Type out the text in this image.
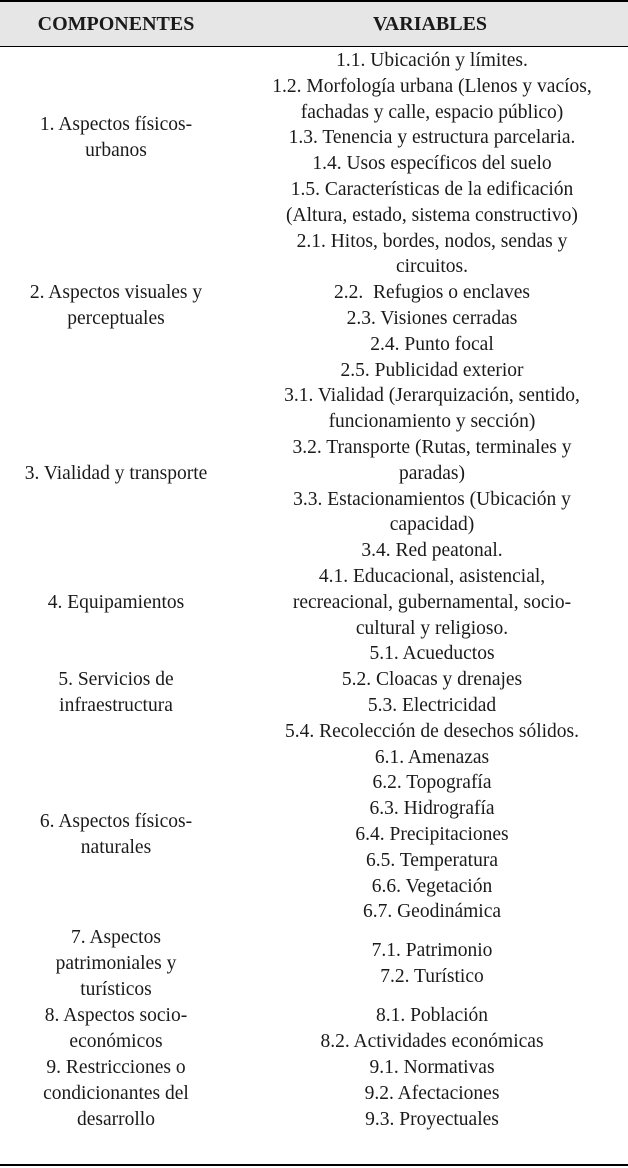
COMPONENTES	VARIABLES
1. Aspectos físicos-
urbanos
1.1. Ubicación y límites.
1.2. Morfología urbana (Llenos y vacíos,
fachadas y calle, espacio público)
1.3. Tenencia y estructura parcelaria.
1.4. Usos específicos del suelo
1.5. Características de la edificación
(Altura, estado, sistema constructivo)
2. Aspectos visuales y
perceptuales
2.1. Hitos, bordes, nodos, sendas y
circuitos.
2.2.  Refugios o enclaves
2.3. Visiones cerradas
2.4. Punto focal
2.5. Publicidad exterior
3. Vialidad y transporte
3.1. Vialidad (Jerarquización, sentido,
funcionamiento y sección)
3.2. Transporte (Rutas, terminales y
paradas)
3.3. Estacionamientos (Ubicación y
capacidad)
3.4. Red peatonal.
4. Equipamientos
4.1. Educacional, asistencial,
recreacional, gubernamental, socio-
cultural y religioso.
5. Servicios de
infraestructura
5.1. Acueductos
5.2. Cloacas y drenajes
5.3. Electricidad
5.4. Recolección de desechos sólidos.
6. Aspectos físicos-
naturales
6.1. Amenazas
6.2. Topografía
6.3. Hidrografía
6.4. Precipitaciones
6.5. Temperatura
6.6. Vegetación
6.7. Geodinámica
7. Aspectos
patrimoniales y
turísticos
7.1. Patrimonio
7.2. Turístico
8. Aspectos socio-
económicos
8.1. Población
8.2. Actividades económicas
9. Restricciones o
condicionantes del
desarrollo
9.1. Normativas
9.2. Afectaciones
9.3. Proyectuales
